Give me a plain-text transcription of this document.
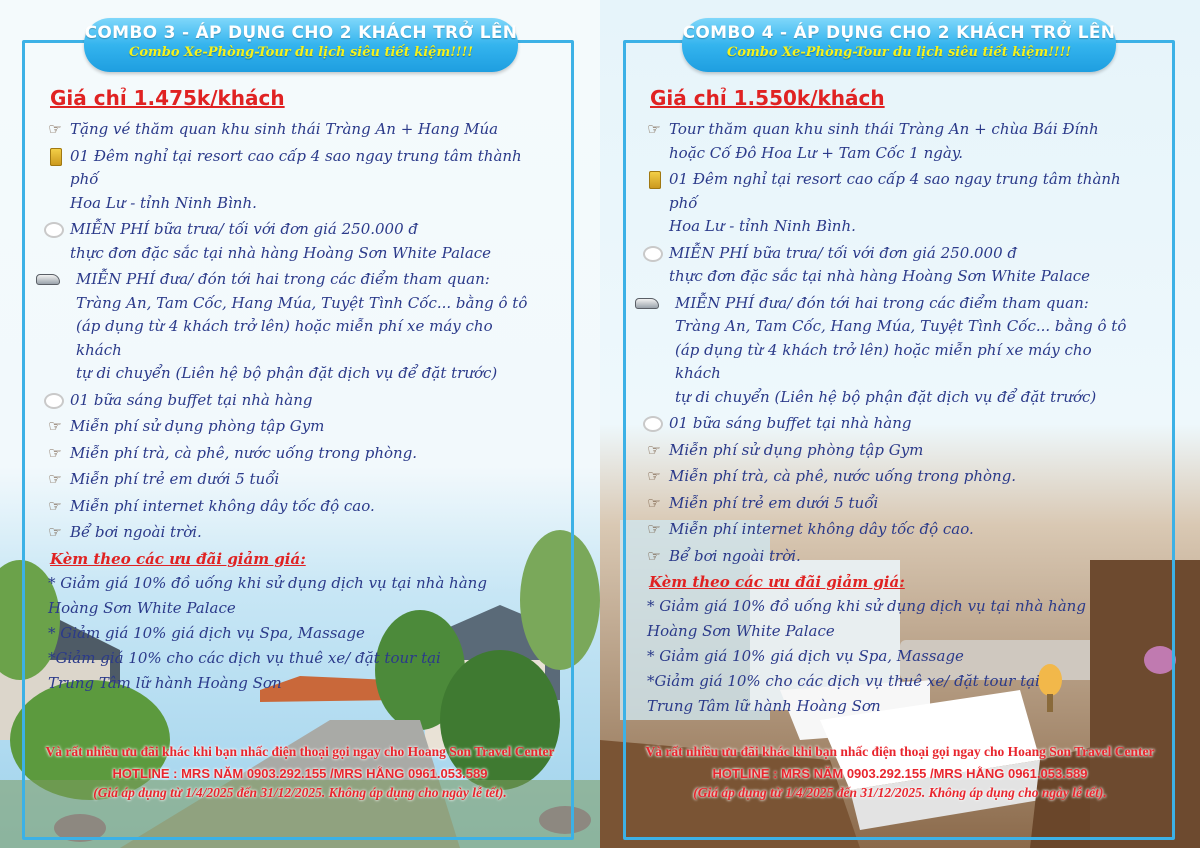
COMBO 3 - ÁP DỤNG CHO 2 KHÁCH TRỞ LÊN
Combo Xe-Phòng-Tour du lịch siêu tiết kiệm!!!!
Giá chỉ 1.475k/khách
☞ Tặng vé thăm quan khu sinh thái Tràng An + Hang Múa
01 Đêm nghỉ tại resort cao cấp 4 sao ngay trung tâm thành phố
Hoa Lư - tỉnh Ninh Bình.
MIỄN PHÍ bữa trưa/ tối với đơn giá 250.000 đ
thực đơn đặc sắc tại nhà hàng Hoàng Sơn White Palace
MIỄN PHÍ đưa/ đón tới hai trong các điểm tham quan:
Tràng An, Tam Cốc, Hang Múa, Tuyệt Tình Cốc... bằng ô tô
(áp dụng từ 4 khách trở lên) hoặc miễn phí xe máy cho khách
tự di chuyển (Liên hệ bộ phận đặt dịch vụ để đặt trước)
01 bữa sáng buffet tại nhà hàng
☞ Miễn phí sử dụng phòng tập Gym
☞ Miễn phí trà, cà phê, nước uống trong phòng.
☞ Miễn phí trẻ em dưới 5 tuổi
☞ Miễn phí internet không dây tốc độ cao.
☞ Bể bơi ngoài trời.
Kèm theo các ưu đãi giảm giá:
* Giảm giá 10% đồ uống khi sử dụng dịch vụ tại nhà hàng
Hoàng Sơn White Palace
* Giảm giá 10% giá dịch vụ Spa, Massage
*Giảm giá 10% cho các dịch vụ thuê xe/ đặt tour tại
Trung Tâm lữ hành Hoàng Sơn
Và rất nhiều ưu đãi khác khi bạn nhấc điện thoại gọi ngay cho Hoang Son Travel Center
HOTLINE : MRS NĂM 0903.292.155 /MRS HẰNG 0961.053.589
(Giá áp dụng từ 1/4/2025 đến 31/12/2025. Không áp dụng cho ngày lễ tết).
COMBO 4 - ÁP DỤNG CHO 2 KHÁCH TRỞ LÊN
Combo Xe-Phòng-Tour du lịch siêu tiết kiệm!!!!
Giá chỉ 1.550k/khách
☞ Tour thăm quan khu sinh thái Tràng An + chùa Bái Đính
hoặc Cố Đô Hoa Lư + Tam Cốc 1 ngày.
01 Đêm nghỉ tại resort cao cấp 4 sao ngay trung tâm thành phố
Hoa Lư - tỉnh Ninh Bình.
MIỄN PHÍ bữa trưa/ tối với đơn giá 250.000 đ
thực đơn đặc sắc tại nhà hàng Hoàng Sơn White Palace
MIỄN PHÍ đưa/ đón tới hai trong các điểm tham quan:
Tràng An, Tam Cốc, Hang Múa, Tuyệt Tình Cốc... bằng ô tô
(áp dụng từ 4 khách trở lên) hoặc miễn phí xe máy cho khách
tự di chuyển (Liên hệ bộ phận đặt dịch vụ để đặt trước)
01 bữa sáng buffet tại nhà hàng
☞ Miễn phí sử dụng phòng tập Gym
☞ Miễn phí trà, cà phê, nước uống trong phòng.
☞ Miễn phí trẻ em dưới 5 tuổi
☞ Miễn phí internet không dây tốc độ cao.
☞ Bể bơi ngoài trời.
Kèm theo các ưu đãi giảm giá:
* Giảm giá 10% đồ uống khi sử dụng dịch vụ tại nhà hàng
Hoàng Sơn White Palace
* Giảm giá 10% giá dịch vụ Spa, Massage
*Giảm giá 10% cho các dịch vụ thuê xe/ đặt tour tại
Trung Tâm lữ hành Hoàng Sơn
Và rất nhiều ưu đãi khác khi bạn nhấc điện thoại gọi ngay cho Hoang Son Travel Center
HOTLINE : MRS NĂM 0903.292.155 /MRS HẰNG 0961.053.589
(Giá áp dụng từ 1/4/2025 đến 31/12/2025. Không áp dụng cho ngày lễ tết).
